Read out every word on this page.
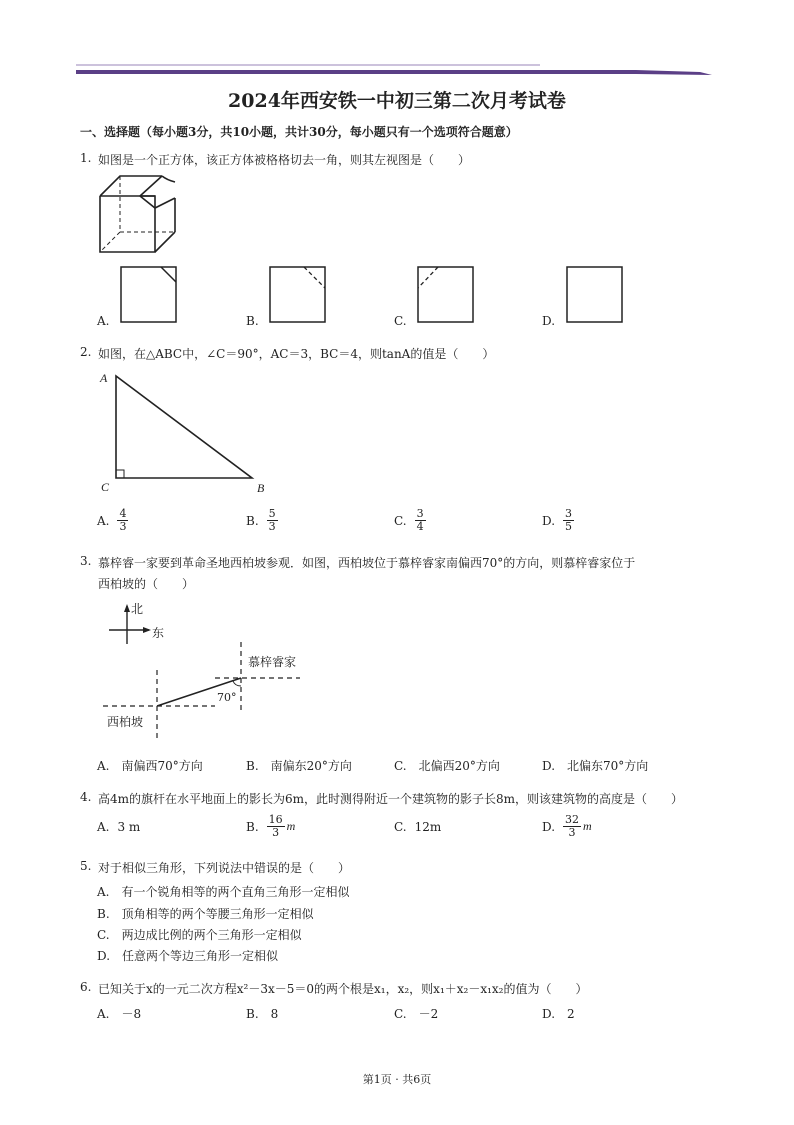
2024年西安铁一中初三第二次月考试卷
一、选择题（每小题3分，共10小题，共计30分，每小题只有一个选项符合题意）
1. 如图是一个正方体，该正方体被格格切去一角，则其左视图是（　　）
A.	B.	C.	D.
2. 如图，在△ABC中，∠C＝90°，AC＝3，BC＝4，则tanA的值是（　　）
A
C	B
A. $\frac{4}{3}$	B. $\frac{5}{3}$	C. $\frac{3}{4}$	D. $\frac{3}{5}$
3. 慕梓睿一家要到革命圣地西柏坡参观．如图，西柏坡位于慕梓睿家南偏西70°的方向，则慕梓睿家位于
西柏坡的（　　）
北
东
慕梓睿家
70°
西柏坡
A.　南偏西70°方向	B.　南偏东20°方向	C.　北偏西20°方向	D.　北偏东70°方向
4. 高4m的旗杆在水平地面上的影长为6m，此时测得附近一个建筑物的影子长8m，则该建筑物的高度是（　　）
A. 3 m	B. $\frac{16}{3}$ m	C. 12m	D. $\frac{32}{3}$ m
5. 对于相似三角形，下列说法中错误的是（　　）
A.　有一个锐角相等的两个直角三角形一定相似
B.　顶角相等的两个等腰三角形一定相似
C.　两边成比例的两个三角形一定相似
D.　任意两个等边三角形一定相似
6. 已知关于x的一元二次方程x²－3x－5＝0的两个根是x₁，x₂，则x₁＋x₂－x₁x₂的值为（　　）
A.　－8	B.　8	C.　－2	D.　2
第1页 · 共6页
